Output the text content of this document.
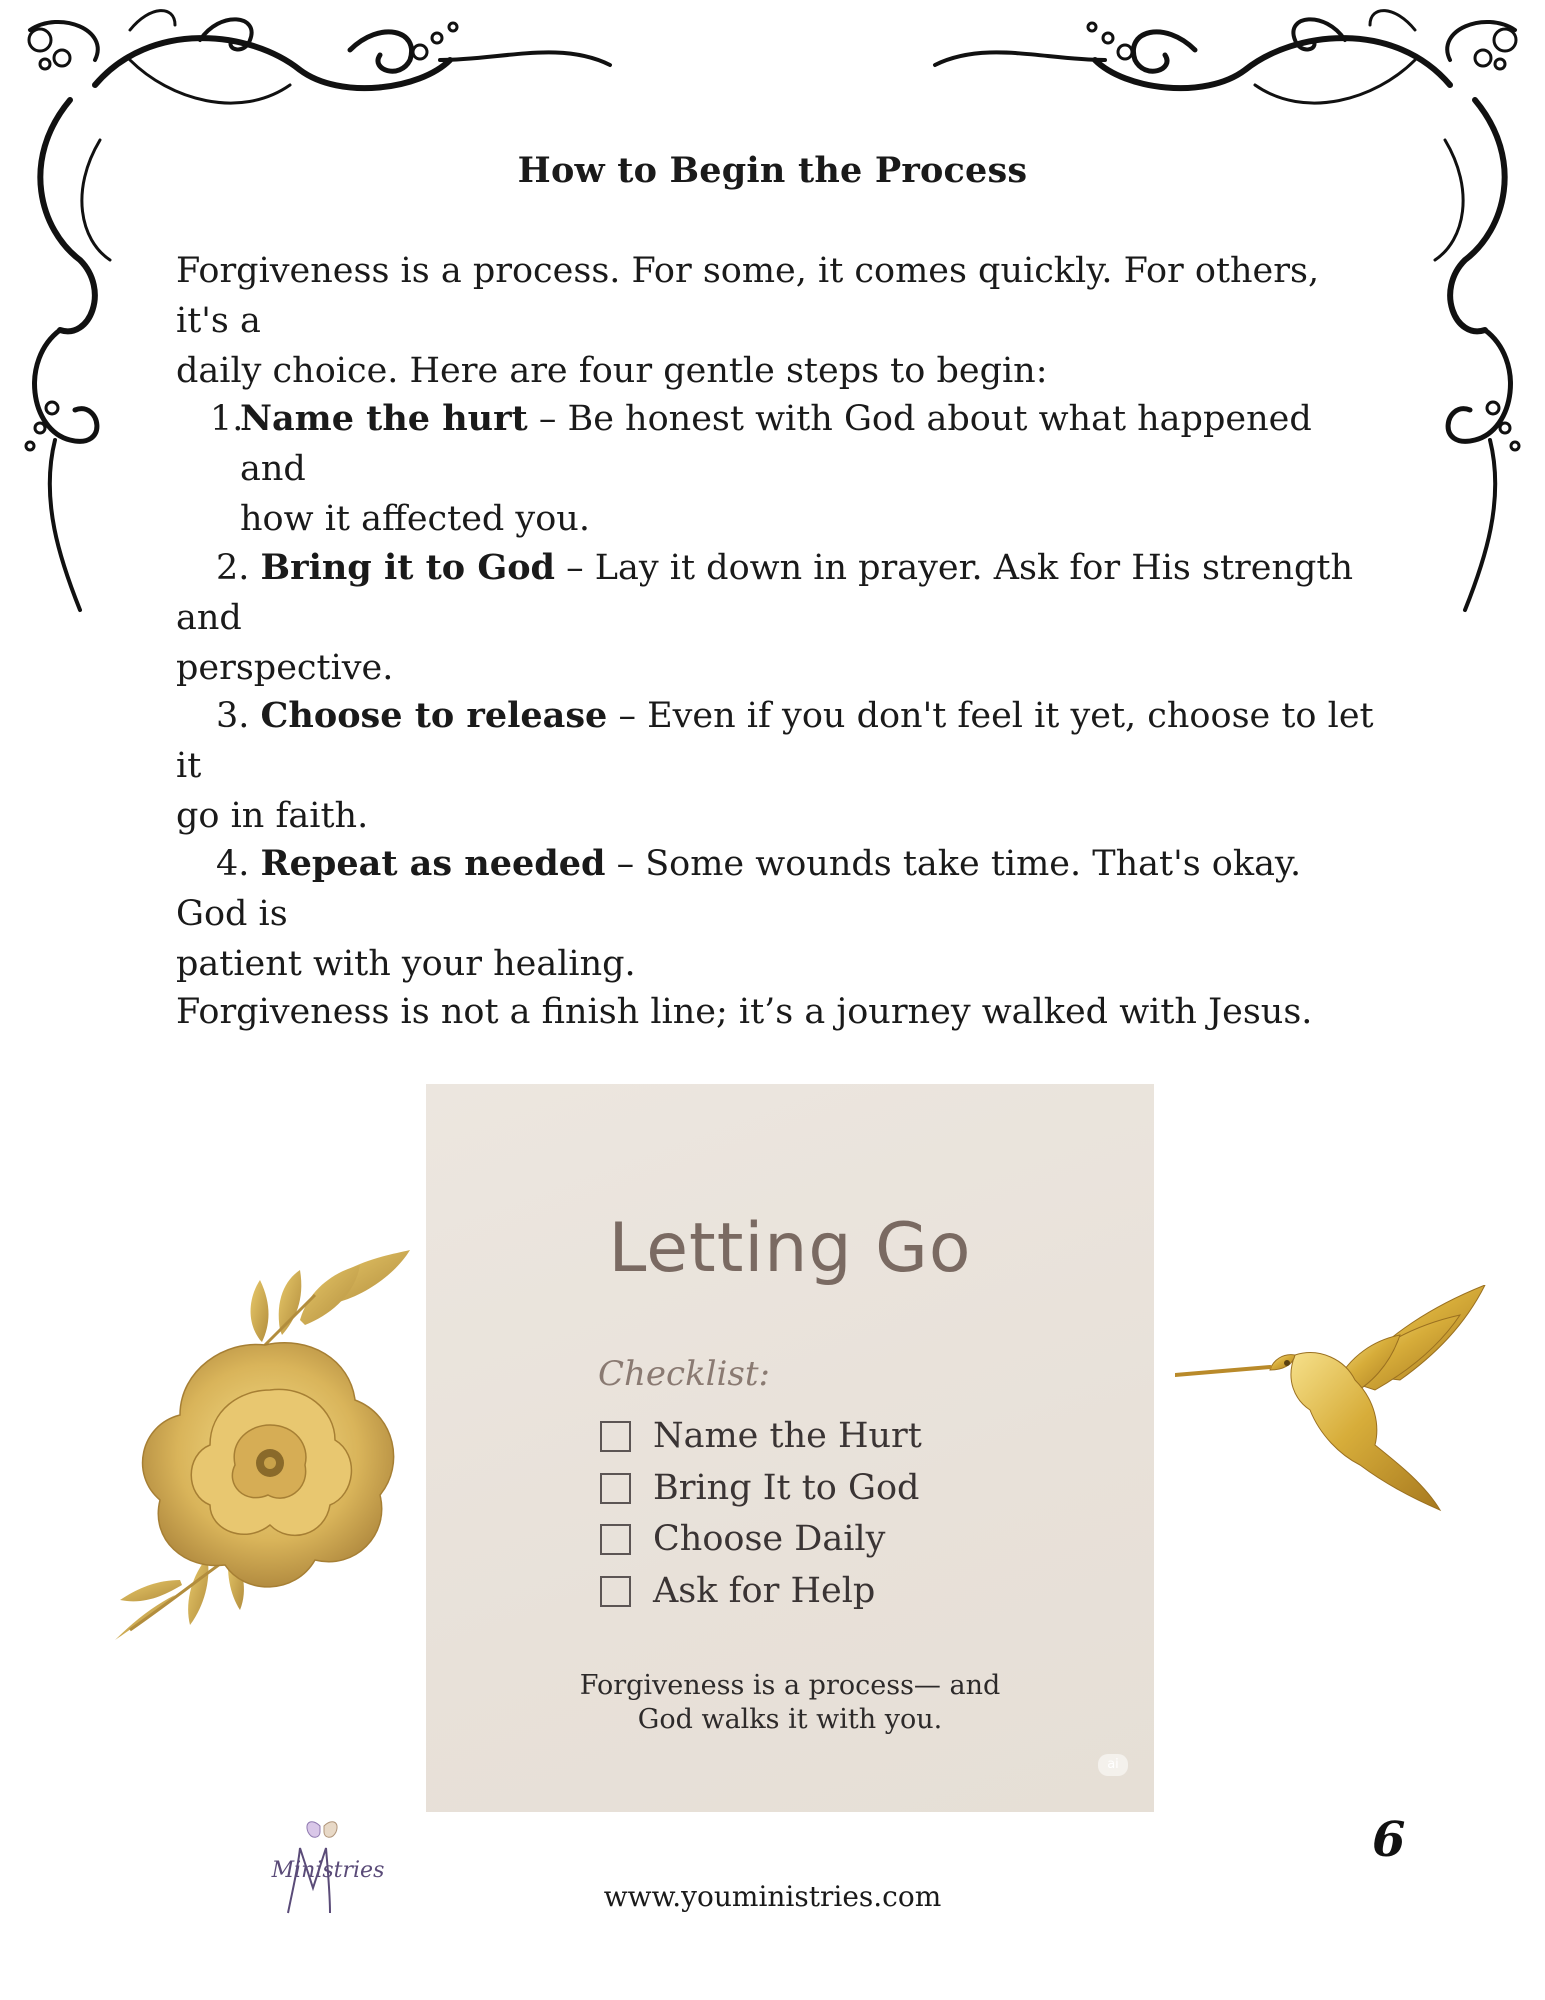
How to Begin the Process
Forgiveness is a process. For some, it comes quickly. For others, it's a
daily choice. Here are four gentle steps to begin:
1.
Name the hurt – Be honest with God about what happened and
how it affected you.
2. Bring it to God – Lay it down in prayer. Ask for His strength and
perspective.
3. Choose to release – Even if you don't feel it yet, choose to let it
go in faith.
4. Repeat as needed – Some wounds take time. That's okay. God is
patient with your healing.
Forgiveness is not a finish line; it’s a journey walked with Jesus.
Letting Go
Checklist:
Name the Hurt
Bring It to God
Choose Daily
Ask for Help
Forgiveness is a process— and
God walks it with you.
ai
Ministries
6
www.youministries.com
